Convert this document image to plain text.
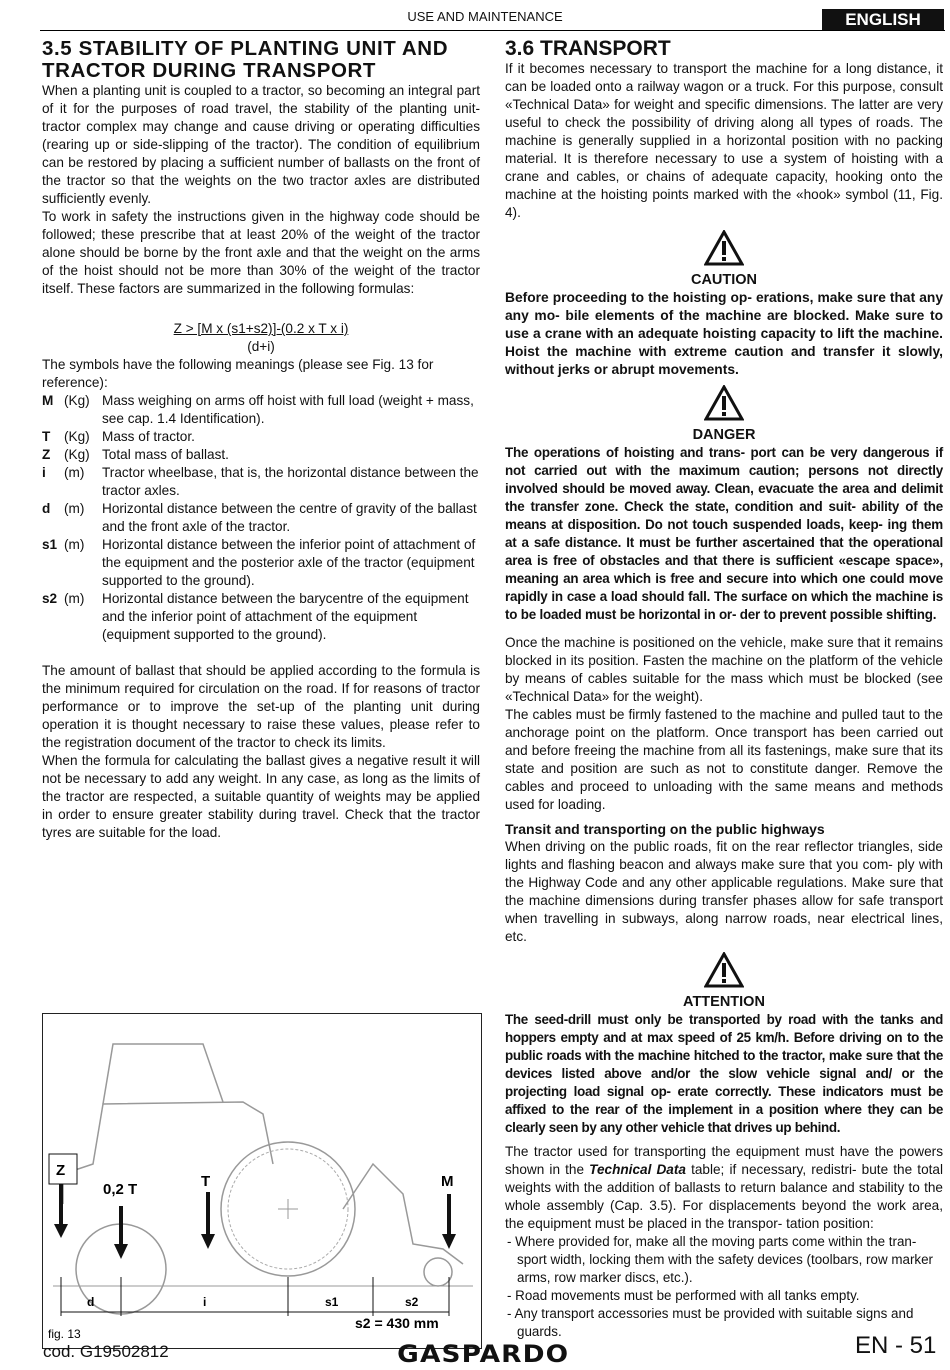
USE AND MAINTENANCE	ENGLISH
3.5 STABILITY OF PLANTING UNIT AND TRACTOR DURING TRANSPORT

When a planting unit is coupled to a tractor, so becoming an integral part of it for the purposes of road travel, the stability of the planting unit-tractor complex may change and cause driving or operating difficulties (rearing up or side-slipping of the tractor). The condition of equilibrium can be restored by placing a sufficient number of ballasts on the front of the tractor so that the weights on the two tractor axles are distributed sufficiently evenly.

To work in safety the instructions given in the highway code should be followed; these prescribe that at least 20% of the weight of the tractor alone should be borne by the front axle and that the weight on the arms of the hoist should not be more than 30% of the weight of the tractor itself. These factors are summarized in the following formulas:

Z > [M x (s1+s2)]-(0.2 x T x i)
(d+i)

The symbols have the following meanings (please see Fig. 13 for reference):

M (Kg) Mass weighing on arms off hoist with full load (weight + mass, see cap. 1.4 Identification).
T	(Kg) Mass of tractor.
Z	(Kg) Total mass of ballast.
i	(m)	Tractor wheelbase, that is, the horizontal distance between the tractor axles.
d	(m)	Horizontal distance between the centre of gravity of the ballast and the front axle of the tractor.
s1 (m)	Horizontal distance between the inferior point of attachment of the equipment and the posterior axle of the tractor (equipment supported to the ground).
s2 (m)	Horizontal distance between the barycentre of the equipment and the inferior point of attachment of the equipment (equipment supported to the ground).

The amount of ballast that should be applied according to the formula is the minimum required for circulation on the road. If for reasons of tractor performance or to improve the set-up of the planting unit during operation it is thought necessary to raise these values, please refer to the registration document of the tractor to check its limits.

When the formula for calculating the ballast gives a negative result it will not be necessary to add any weight. In any case, as long as the limits of the tractor are respected, a suitable quantity of weights may be applied in order to ensure greater stability during travel. Check that the tractor tyres are suitable for the load.

Z
0,2 T	T	M
d	i	s1	s2
s2 = 430 mm
fig. 13
3.6 TRANSPORT

If it becomes necessary to transport the machine for a long distance, it can be loaded onto a railway wagon or a truck. For this purpose, consult «Technical Data» for weight and specific dimensions. The latter are very useful to check the possibility of driving along all types of roads. The machine is generally supplied in a horizontal position with no packing material. It is therefore necessary to use a system of hoisting with a crane and cables, or chains of adequate capacity, hooking onto the machine at the hoisting points marked with the «hook» symbol (11, Fig. 4).

CAUTION
Before proceeding to the hoisting op- erations, make sure that any any mo- bile elements of the machine are blocked. Make sure to use a crane with an adequate hoisting capacity to lift the machine. Hoist the machine with extreme caution and transfer it slowly, without jerks or abrupt movements.
DANGER
The operations of hoisting and trans- port can be very dangerous if not carried out with the maximum caution; persons not directly involved should be moved away. Clean, evacuate the area and delimit the transfer zone. Check the state, condition and suit- ability of the means at disposition. Do not touch suspended loads, keep- ing them at a safe distance. It must be further ascertained that the operational area is free of obstacles and that there is sufficient «escape space», meaning an area which is free and secure into which one could move rapidly in case a load should fall. The surface on which the machine is to be loaded must be horizontal in or- der to prevent possible shifting.

Once the machine is positioned on the vehicle, make sure that it remains blocked in its position. Fasten the machine on the platform of the vehicle by means of cables suitable for the mass which must be blocked (see «Technical Data» for the weight).

The cables must be firmly fastened to the machine and pulled taut to the anchorage point on the platform. Once transport has been carried out and before freeing the machine from all its fastenings, make sure that its state and position are such as not to constitute danger. Remove the cables and proceed to unloading with the same means and methods used for loading.

Transit and transporting on the public highways

When driving on the public roads, fit on the rear reflector triangles, side lights and flashing beacon and always make sure that you com- ply with the Highway Code and any other applicable regulations. Make sure that the machine dimensions during transfer phases allow for safe transport when travelling in subways, along narrow roads, near electrical lines, etc.

ATTENTION
The seed-drill must only be transported by road with the tanks and hoppers empty and at max speed of 25 km/h. Before driving on to the public roads with the machine hitched to the tractor, make sure that the devices listed above and/or the slow vehicle signal and/ or the projecting load signal op- erate correctly. These indicators must be affixed to the rear of the implement in a position where they can be clearly seen by any other vehicle that drives up behind.

The tractor used for transporting the equipment must have the powers shown in the Technical Data table; if necessary, redistri- bute the total weights with the addition of ballasts to return balance and stability to the whole assembly (Cap. 3.5). For displacements beyond the work area, the equipment must be placed in the transpor- tation position:

- Where provided for, make all the moving parts come within the tran- sport width, locking them with the safety devices (toolbars, row marker arms, row marker discs, etc.).
- Road movements must be performed with all tanks empty.
- Any transport accessories must be provided with suitable signs and guards.
cod. G19502812	GASPARDO	EN - 51
